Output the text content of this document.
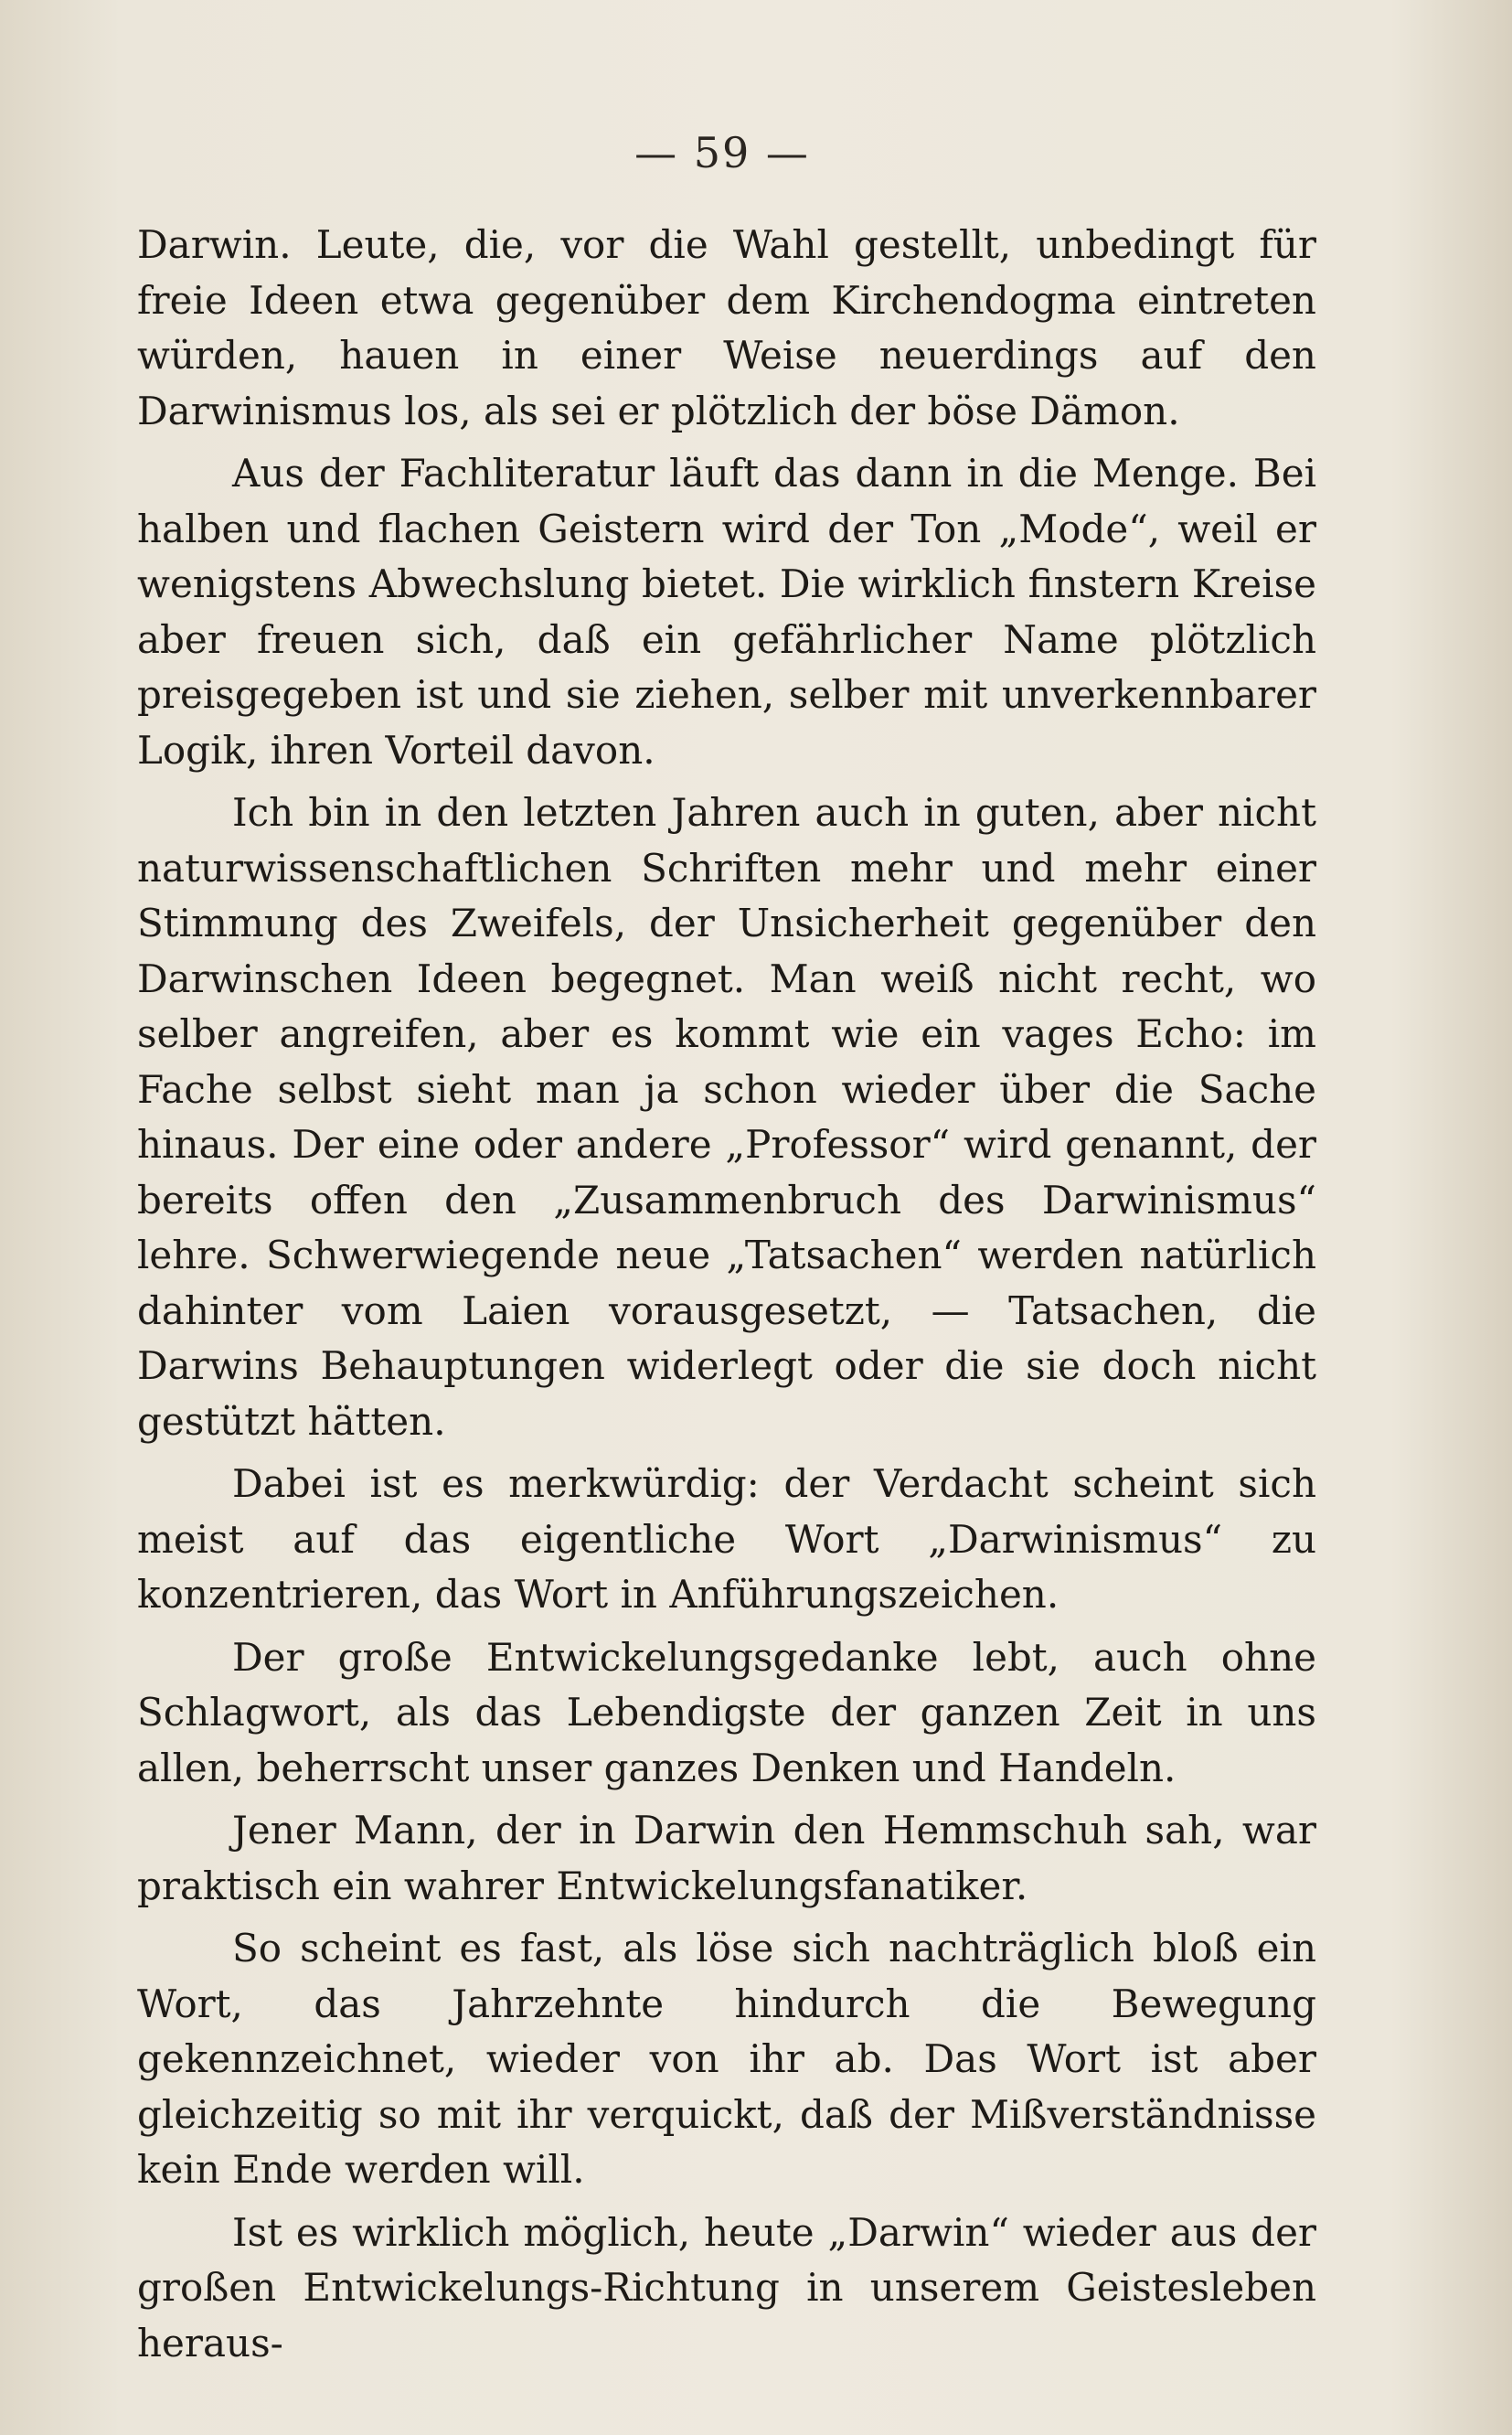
— 59 —

Darwin. Leute, die, vor die Wahl gestellt, unbedingt für freie Ideen etwa gegenüber dem Kirchendogma eintreten würden, hauen in einer Weise neuerdings auf den Darwinismus los, als sei er plötzlich der böse Dämon.

Aus der Fachliteratur läuft das dann in die Menge. Bei halben und flachen Geistern wird der Ton „Mode“, weil er wenigstens Abwechslung bietet. Die wirklich finstern Kreise aber freuen sich, daß ein gefährlicher Name plötzlich preisgegeben ist und sie ziehen, selber mit unverkennbarer Logik, ihren Vorteil davon.

Ich bin in den letzten Jahren auch in guten, aber nicht naturwissenschaftlichen Schriften mehr und mehr einer Stimmung des Zweifels, der Unsicherheit gegenüber den Darwinschen Ideen begegnet. Man weiß nicht recht, wo selber angreifen, aber es kommt wie ein vages Echo: im Fache selbst sieht man ja schon wieder über die Sache hinaus. Der eine oder andere „Professor“ wird genannt, der bereits offen den „Zusammenbruch des Darwinismus“ lehre. Schwerwiegende neue „Tatsachen“ werden natürlich dahinter vom Laien vorausgesetzt, — Tatsachen, die Darwins Behauptungen widerlegt oder die sie doch nicht gestützt hätten.

Dabei ist es merkwürdig: der Verdacht scheint sich meist auf das eigentliche Wort „Darwinismus“ zu konzentrieren, das Wort in Anführungszeichen.

Der große Entwickelungsgedanke lebt, auch ohne Schlagwort, als das Lebendigste der ganzen Zeit in uns allen, beherrscht unser ganzes Denken und Handeln.

Jener Mann, der in Darwin den Hemmschuh sah, war praktisch ein wahrer Entwickelungsfanatiker.

So scheint es fast, als löse sich nachträglich bloß ein Wort, das Jahrzehnte hindurch die Bewegung gekennzeichnet, wieder von ihr ab. Das Wort ist aber gleichzeitig so mit ihr verquickt, daß der Mißverständnisse kein Ende werden will.

Ist es wirklich möglich, heute „Darwin“ wieder aus der großen Entwickelungs-Richtung in unserem Geistesleben heraus-
